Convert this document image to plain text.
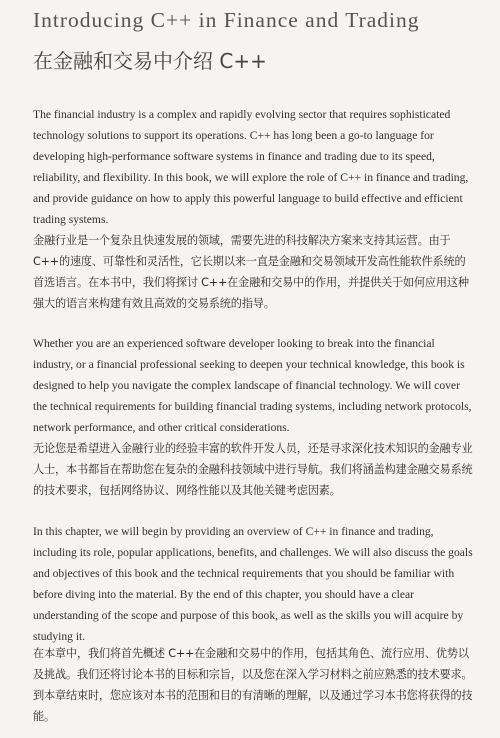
Introducing C++ in Finance and Trading
在金融和交易中介绍 C++

The financial industry is a complex and rapidly evolving sector that requires sophisticated technology solutions to support its operations. C++ has long been a go-to language for developing high-performance software systems in finance and trading due to its speed, reliability, and flexibility. In this book, we will explore the role of C++ in finance and trading, and provide guidance on how to apply this powerful language to build effective and efficient trading systems.

金融行业是一个复杂且快速发展的领域，需要先进的科技解决方案来支持其运营。由于C++的速度、可靠性和灵活性，它长期以来一直是金融和交易领域开发高性能软件系统的首选语言。在本书中，我们将探讨 C++在金融和交易中的作用，并提供关于如何应用这种强大的语言来构建有效且高效的交易系统的指导。

Whether you are an experienced software developer looking to break into the financial industry, or a financial professional seeking to deepen your technical knowledge, this book is designed to help you navigate the complex landscape of financial technology. We will cover the technical requirements for building financial trading systems, including network protocols, network performance, and other critical considerations.

无论您是希望进入金融行业的经验丰富的软件开发人员，还是寻求深化技术知识的金融专业人士，本书都旨在帮助您在复杂的金融科技领域中进行导航。我们将涵盖构建金融交易系统的技术要求，包括网络协议、网络性能以及其他关键考虑因素。

In this chapter, we will begin by providing an overview of C++ in finance and trading, including its role, popular applications, benefits, and challenges. We will also discuss the goals and objectives of this book and the technical requirements that you should be familiar with before diving into the material. By the end of this chapter, you should have a clear understanding of the scope and purpose of this book, as well as the skills you will acquire by studying it.

在本章中，我们将首先概述 C++在金融和交易中的作用，包括其角色、流行应用、优势以及挑战。我们还将讨论本书的目标和宗旨，以及您在深入学习材料之前应熟悉的技术要求。到本章结束时，您应该对本书的范围和目的有清晰的理解，以及通过学习本书您将获得的技能。
